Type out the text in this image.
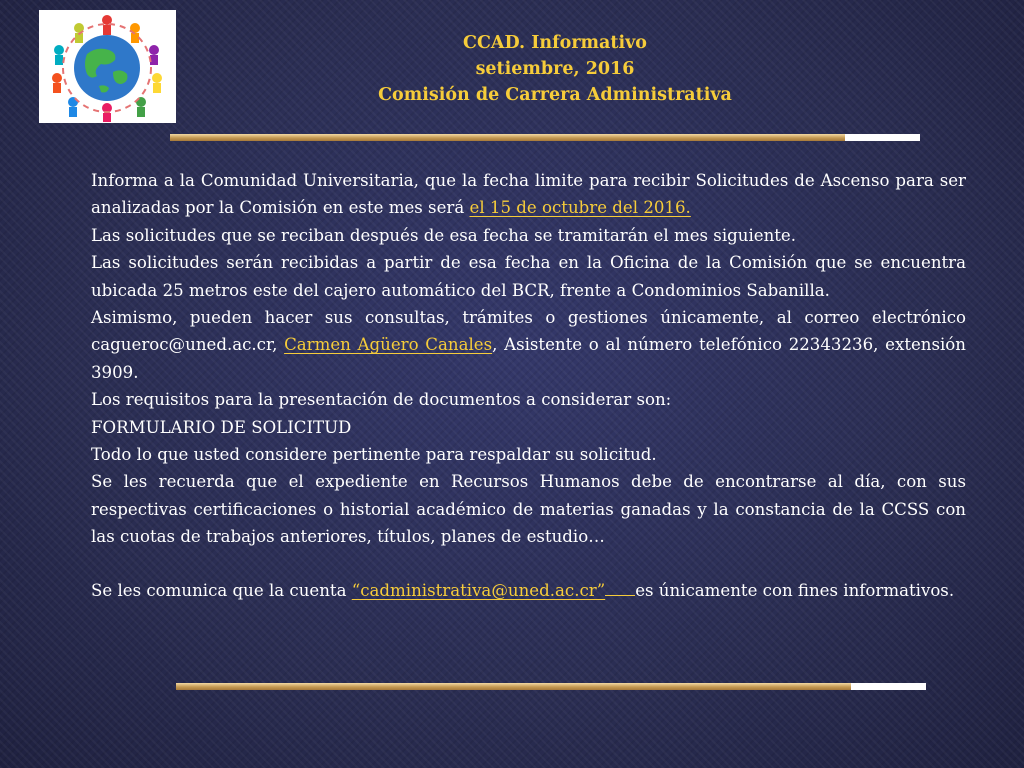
CCAD. Informativo
setiembre, 2016
Comisión de Carrera Administrativa

Informa a la Comunidad Universitaria, que la fecha limite para recibir Solicitudes de Ascenso para ser analizadas por la Comisión en este mes será el 15 de octubre del 2016.

Las solicitudes que se reciban después de esa fecha se tramitarán el mes siguiente.

Las solicitudes serán recibidas a partir de esa fecha en la Oficina de la Comisión que se encuentra ubicada 25 metros este del cajero automático del BCR, frente a Condominios Sabanilla.

Asimismo, pueden hacer sus consultas, trámites o gestiones únicamente, al correo electrónico cagueroc@uned.ac.cr, Carmen Agüero Canales, Asistente o al número telefónico 22343236, extensión 3909.

Los requisitos para la presentación de documentos a considerar son:

FORMULARIO DE SOLICITUD

Todo lo que usted considere pertinente para respaldar su solicitud.

Se les recuerda que el expediente en Recursos Humanos debe de encontrarse al día, con sus respectivas certificaciones o historial académico de materias ganadas y la constancia de la CCSS con las cuotas de trabajos anteriores, títulos, planes de estudio…

Se les comunica que la cuenta “cadministrativa@uned.ac.cr” es únicamente con fines informativos.
